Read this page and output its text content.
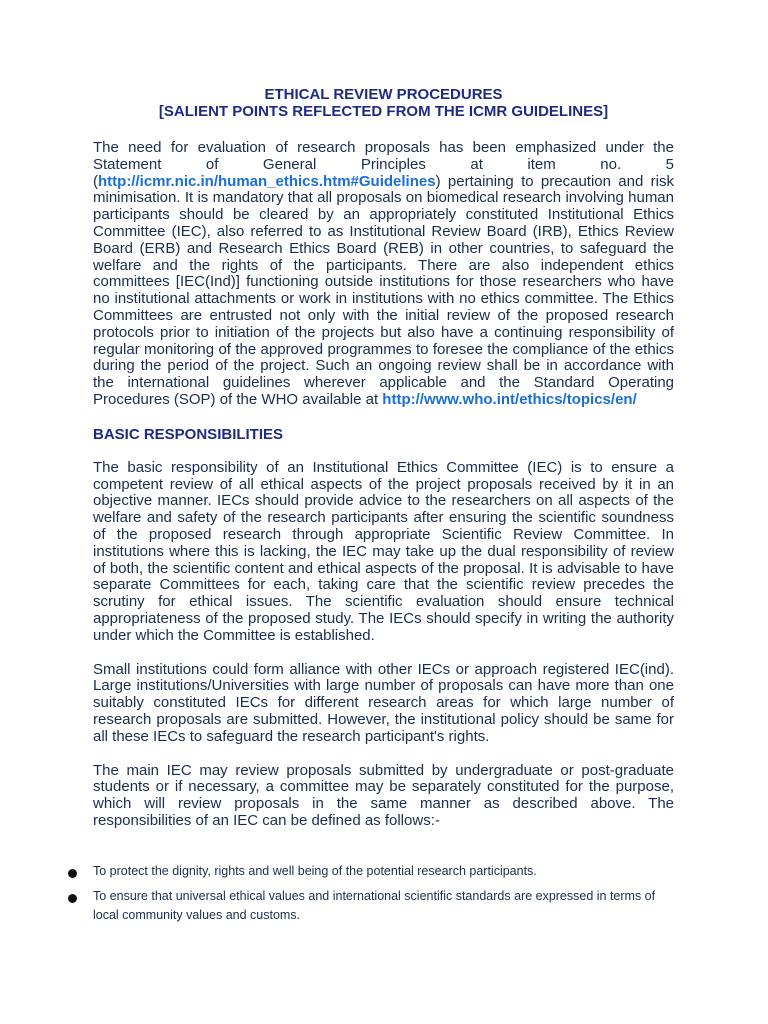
ETHICAL REVIEW PROCEDURES
[SALIENT POINTS REFLECTED FROM THE ICMR GUIDELINES]

The need for evaluation of research proposals has been emphasized under the Statement of General Principles at item no. 5 (http://icmr.nic.in/human_ethics.htm#Guidelines) pertaining to precaution and risk minimisation. It is mandatory that all proposals on biomedical research involving human participants should be cleared by an appropriately constituted Institutional Ethics Committee (IEC), also referred to as Institutional Review Board (IRB), Ethics Review Board (ERB) and Research Ethics Board (REB) in other countries, to safeguard the welfare and the rights of the participants. There are also independent ethics committees [IEC(Ind)] functioning outside institutions for those researchers who have no institutional attachments or work in institutions with no ethics committee. The Ethics Committees are entrusted not only with the initial review of the proposed research protocols prior to initiation of the projects but also have a continuing responsibility of regular monitoring of the approved programmes to foresee the compliance of the ethics during the period of the project. Such an ongoing review shall be in accordance with the international guidelines wherever applicable and the Standard Operating Procedures (SOP) of the WHO available at http://www.who.int/ethics/topics/en/

BASIC RESPONSIBILITIES

The basic responsibility of an Institutional Ethics Committee (IEC) is to ensure a competent review of all ethical aspects of the project proposals received by it in an objective manner. IECs should provide advice to the researchers on all aspects of the welfare and safety of the research participants after ensuring the scientific soundness of the proposed research through appropriate Scientific Review Committee. In institutions where this is lacking, the IEC may take up the dual responsibility of review of both, the scientific content and ethical aspects of the proposal. It is advisable to have separate Committees for each, taking care that the scientific review precedes the scrutiny for ethical issues. The scientific evaluation should ensure technical appropriateness of the proposed study. The IECs should specify in writing the authority under which the Committee is established.

Small institutions could form alliance with other IECs or approach registered IEC(ind). Large institutions/Universities with large number of proposals can have more than one suitably constituted IECs for different research areas for which large number of research proposals are submitted. However, the institutional policy should be same for all these IECs to safeguard the research participant's rights.

The main IEC may review proposals submitted by undergraduate or post-graduate students or if necessary, a committee may be separately constituted for the purpose, which will review proposals in the same manner as described above. The responsibilities of an IEC can be defined as follows:-

To protect the dignity, rights and well being of the potential research participants.
To ensure that universal ethical values and international scientific standards are expressed in terms of local community values and customs.
